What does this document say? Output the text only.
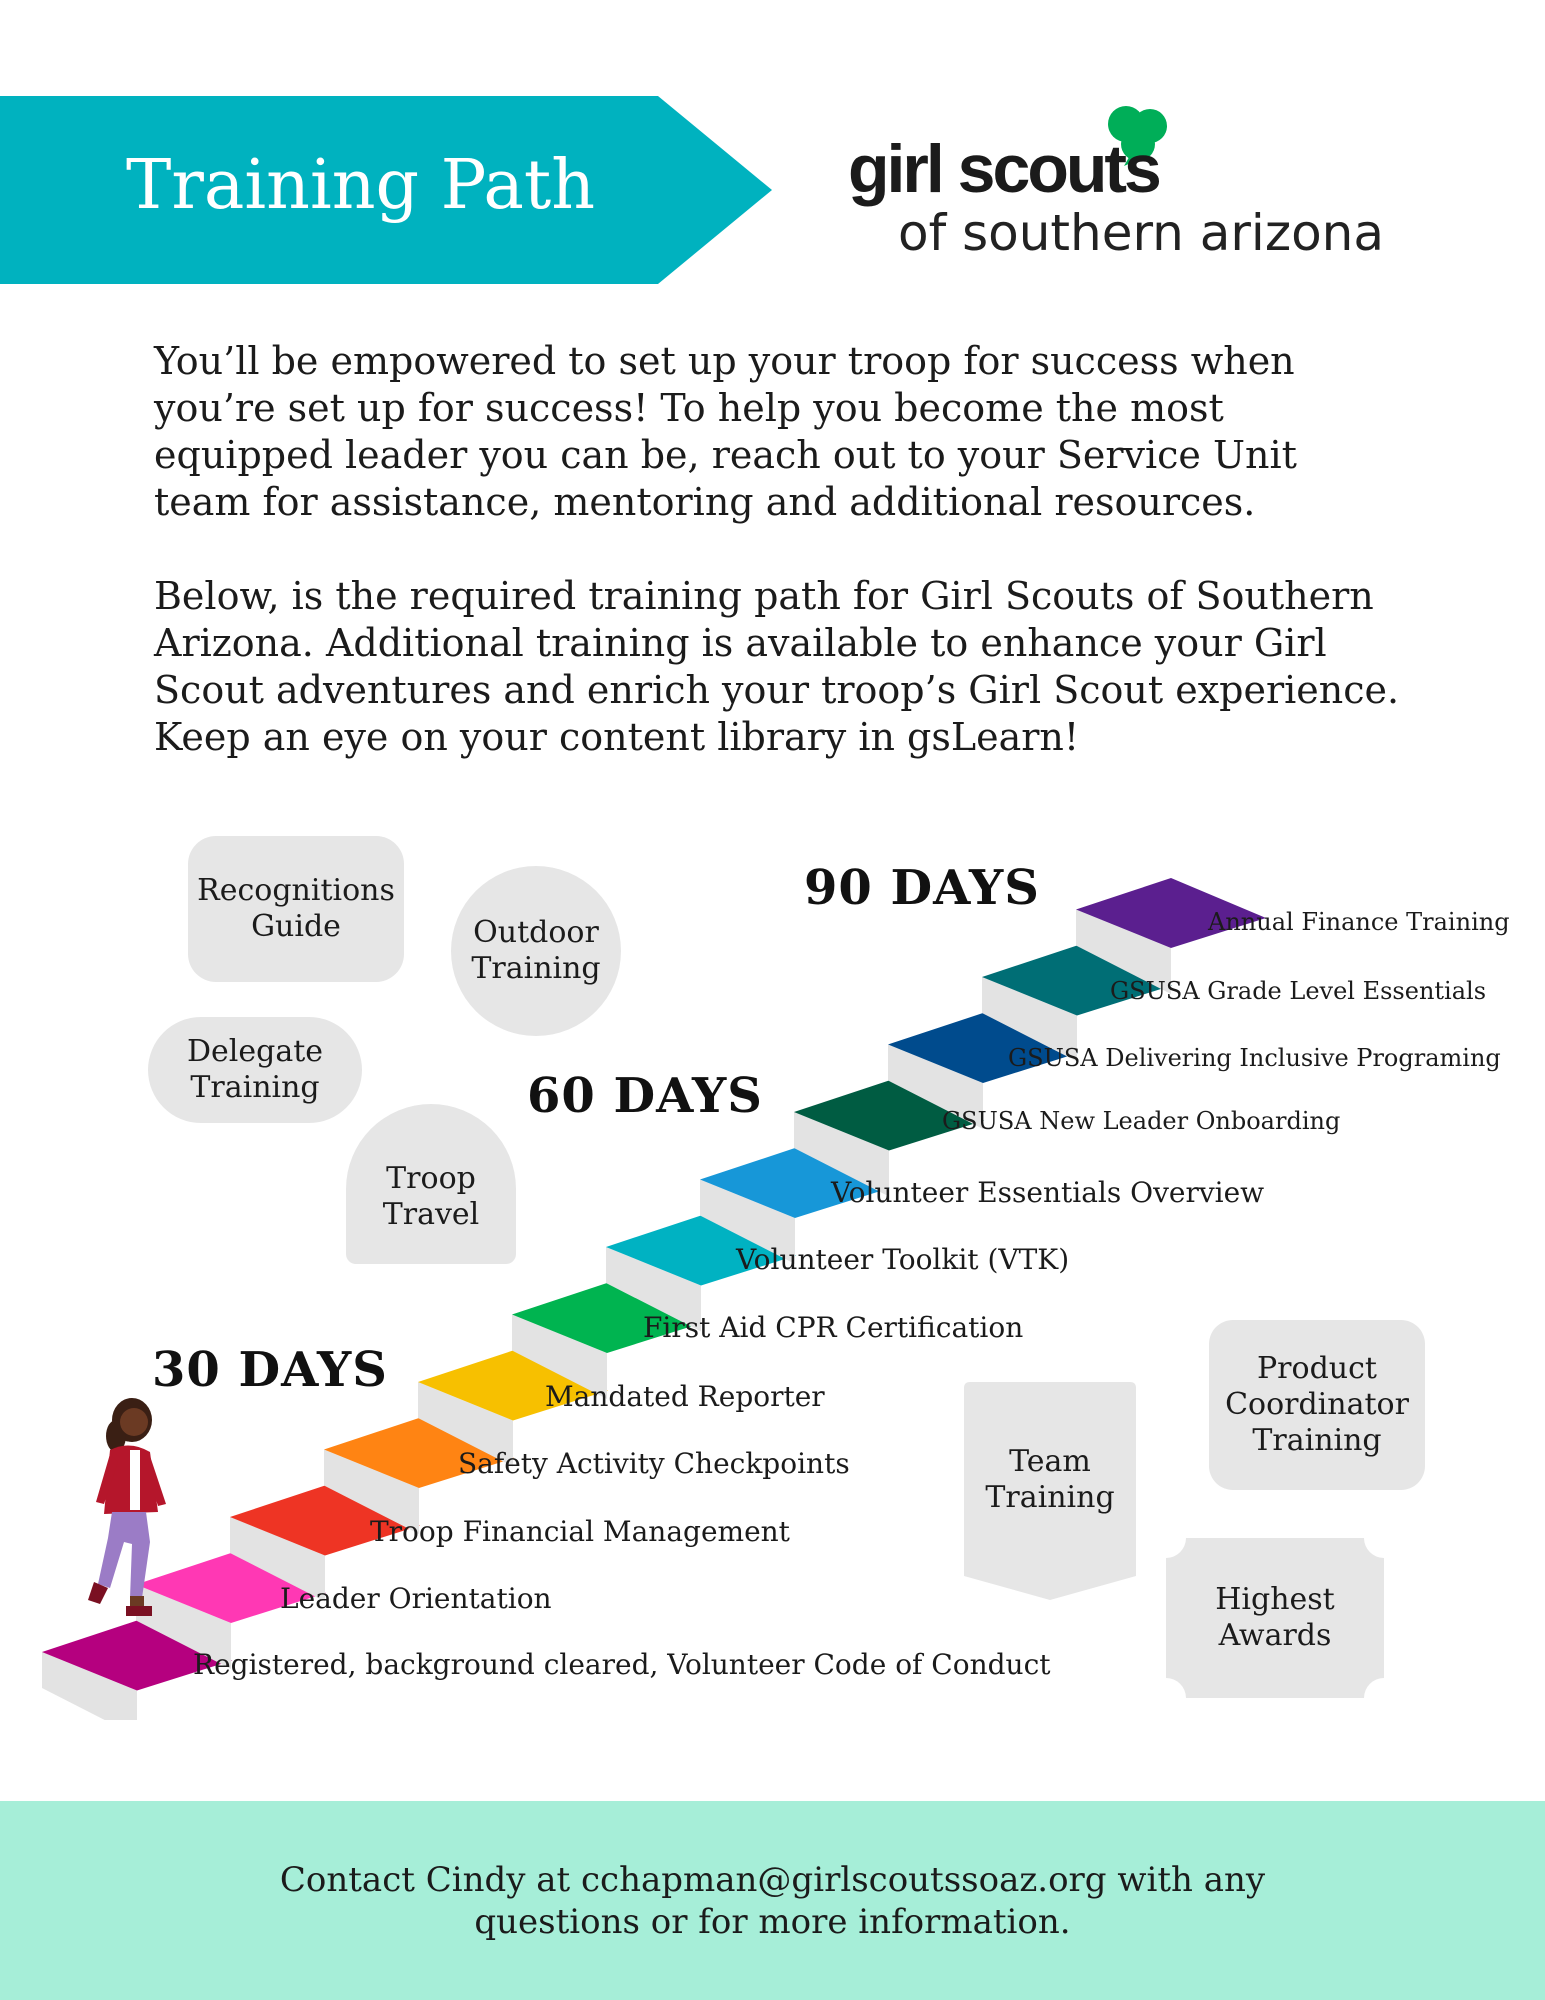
Training Path	girl scouts
of southern arizona

You’ll be empowered to set up your troop for success when you’re set up for success! To help you become the most equipped leader you can be, reach out to your Service Unit team for assistance, mentoring and additional resources.

Below, is the required training path for Girl Scouts of Southern Arizona. Additional training is available to enhance your Girl Scout adventures and enrich your troop’s Girl Scout experience. Keep an eye on your content library in gsLearn!

Recognitions Guide	Outdoor Training
Delegate Training
Troop Travel
Product Coordinator Training
Team Training
Highest Awards
30 DAYS
60 DAYS
90 DAYS
Registered, background cleared, Volunteer Code of Conduct
Leader Orientation
Troop Financial Management
Safety Activity Checkpoints
Mandated Reporter
First Aid CPR Certification
Volunteer Toolkit (VTK)
Volunteer Essentials Overview
GSUSA New Leader Onboarding
GSUSA Delivering Inclusive Programing
GSUSA Grade Level Essentials
Annual Finance Training
Contact Cindy at cchapman@girlscoutssoaz.org with any questions or for more information.
